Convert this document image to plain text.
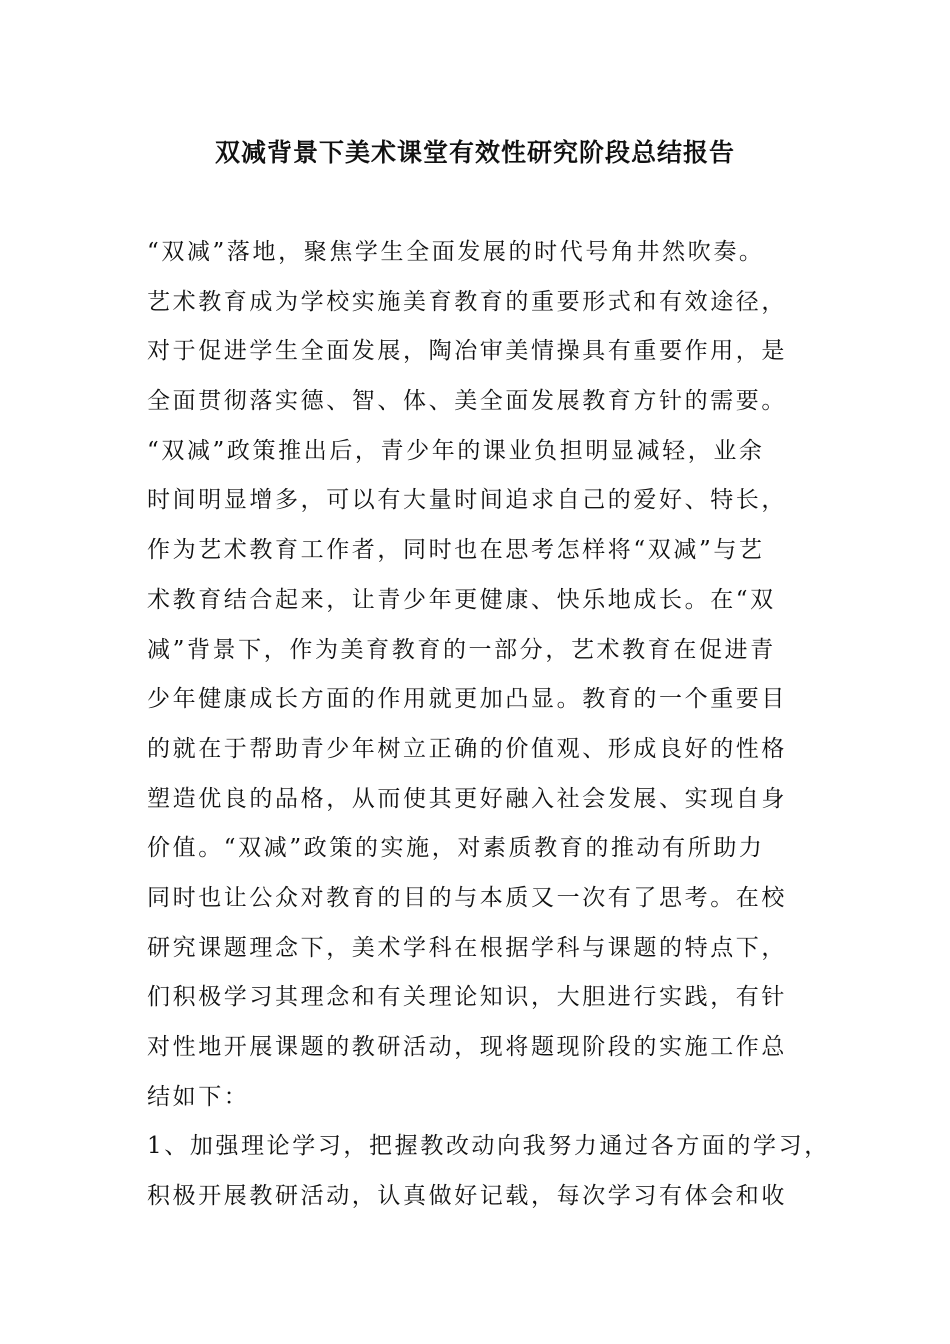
双减背景下美术课堂有效性研究阶段总结报告
“双减”落地，聚焦学生全面发展的时代号角井然吹奏。
艺术教育成为学校实施美育教育的重要形式和有效途径，
对于促进学生全面发展，陶冶审美情操具有重要作用，是
全面贯彻落实德、智、体、美全面发展教育方针的需要。
“双减”政策推出后，青少年的课业负担明显减轻，业余
时间明显增多，可以有大量时间追求自己的爱好、特长，
作为艺术教育工作者，同时也在思考怎样将“双减”与艺
术教育结合起来，让青少年更健康、快乐地成长。在“双
减”背景下，作为美育教育的一部分，艺术教育在促进青
少年健康成长方面的作用就更加凸显。教育的一个重要目
的就在于帮助青少年树立正确的价值观、形成良好的性格
塑造优良的品格，从而使其更好融入社会发展、实现自身
价值。“双减”政策的实施，对素质教育的推动有所助力
同时也让公众对教育的目的与本质又一次有了思考。在校
研究课题理念下，美术学科在根据学科与课题的特点下，
们积极学习其理念和有关理论知识，大胆进行实践，有针
对性地开展课题的教研活动，现将题现阶段的实施工作总
结如下：
1、加强理论学习，把握教改动向我努力通过各方面的学习，
积极开展教研活动，认真做好记载，每次学习有体会和收
